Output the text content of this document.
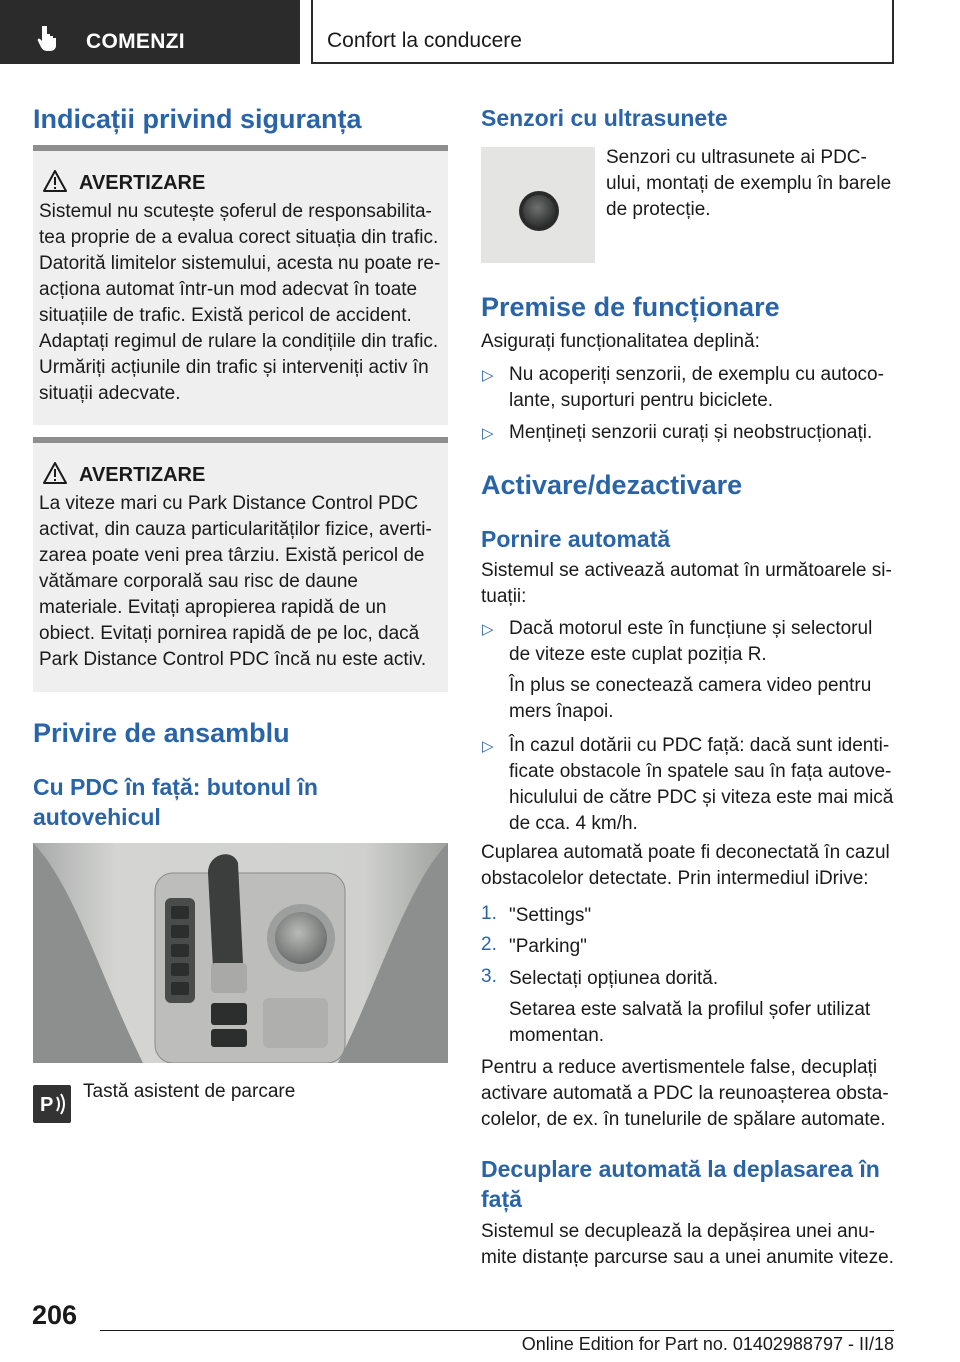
COMENZI	Confort la conducere
Indicații privind siguranța
AVERTIZARE
Sistemul nu scutește șoferul de responsabilitatea proprie de a evalua corect situația din trafic. Datorită limitelor sistemului, acesta nu poate reacționa automat într-un mod adecvat în toate situațiile de trafic. Există pericol de accident. Adaptați regimul de rulare la condițiile din trafic. Urmăriți acțiunile din trafic și interveniți activ în situații adecvate.
AVERTIZARE
La viteze mari cu Park Distance Control PDC activat, din cauza particularităților fizice, avertizarea poate veni prea târziu. Există pericol de vătămare corporală sau risc de daune materiale. Evitați apropierea rapidă de un obiect. Evitați pornirea rapidă de pe loc, dacă Park Distance Control PDC încă nu este activ.
Privire de ansamblu
Cu PDC în față: butonul în autovehicul
P
Tastă asistent de parcare
Senzori cu ultrasunete
Senzori cu ultrasunete ai PDC-ului, montați de exemplu în barele de protecție.
Premise de funcționare
Asigurați funcționalitatea deplină:
▷ Nu acoperiți senzorii, de exemplu cu autocolante, suporturi pentru biciclete.
▷ Mențineți senzorii curați și neobstrucționați.
Activare/dezactivare
Pornire automată
Sistemul se activează automat în următoarele situații:
▷ Dacă motorul este în funcțiune și selectorul de viteze este cuplat poziția R.
În plus se conectează camera video pentru mers înapoi.
▷ În cazul dotării cu PDC față: dacă sunt identificate obstacole în spatele sau în fața autovehiculului de către PDC și viteza este mai mică de cca. 4 km/h.
Cuplarea automată poate fi deconectată în cazul obstacolelor detectate. Prin intermediul iDrive:
1. "Settings"
2. "Parking"
3. Selectați opțiunea dorită.
Setarea este salvată la profilul șofer utilizat momentan.
Pentru a reduce avertismentele false, decuplați activare automată a PDC la reunoașterea obstacolelor, de ex. în tunelurile de spălare automate.
Decuplare automată la deplasarea în față
Sistemul se decuplează la depășirea unei anumite distanțe parcurse sau a unei anumite viteze.
206
Online Edition for Part no. 01402988797 - II/18
